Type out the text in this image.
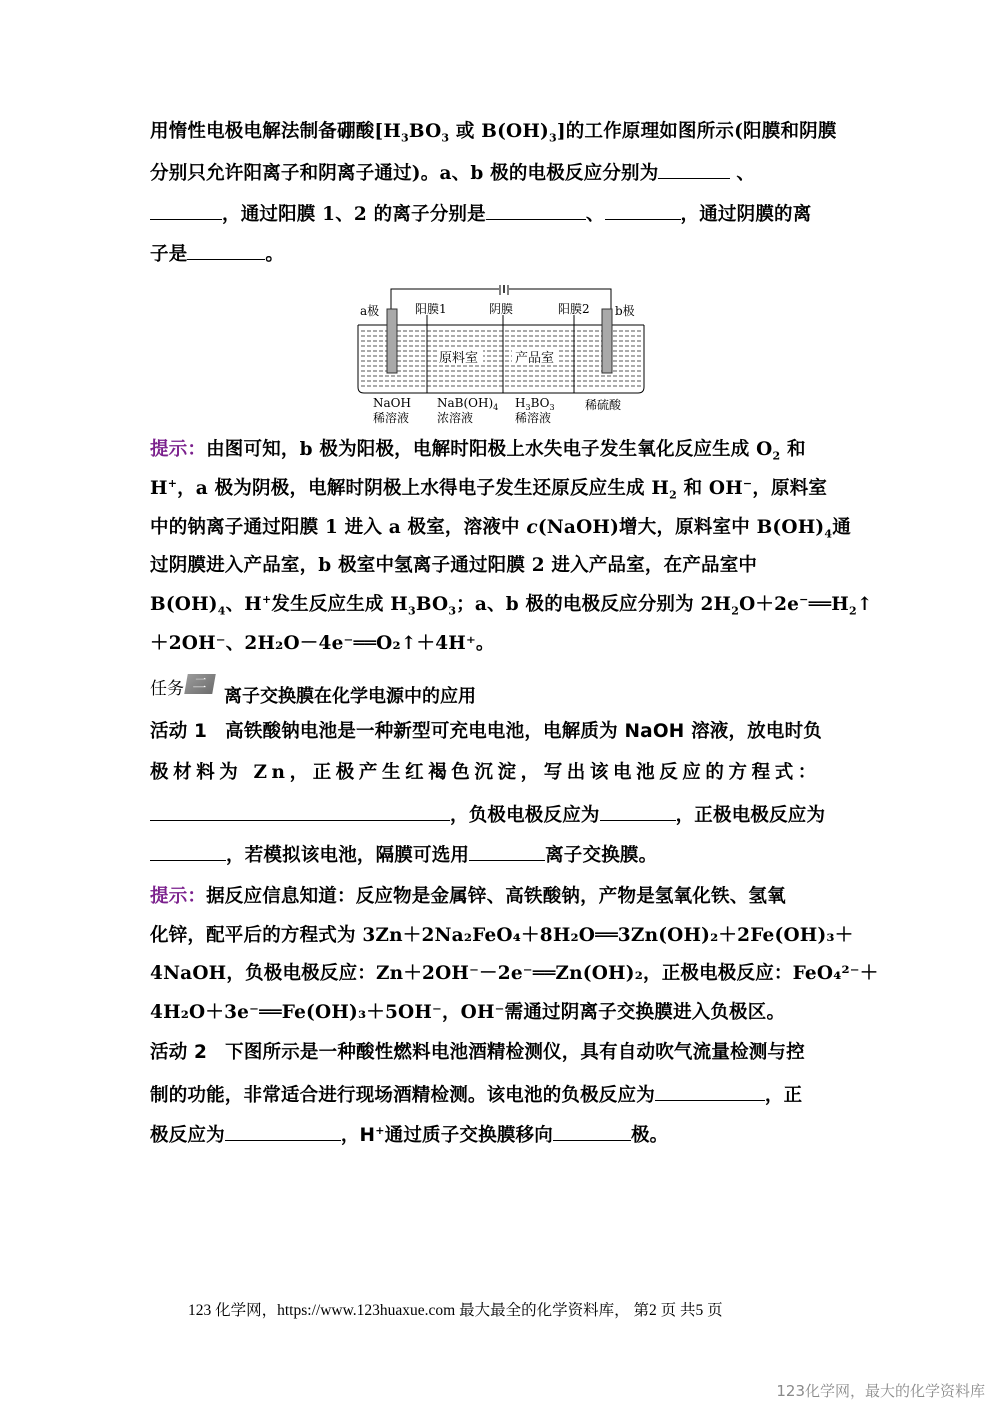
用惰性电极电解法制备硼酸[$H_3BO_3$ 或 $B(OH)_3$]的工作原理如图所示(阳膜和阴膜
分别只允许阳离子和阴离子通过)。a、b 极的电极反应分别为	、
，通过阳膜 1、2 的离子分别是	、	，通过阴膜的离
子是	。
a极	b极
阳膜1	阴膜	阳膜2
原料室	产品室
NaOH
稀溶液
$NaB(OH)_4$
浓溶液
$H_3BO_3$
稀溶液
稀硫酸
提示：由图可知，b 极为阳极，电解时阳极上水失电子发生氧化反应生成 $O_2$ 和
H+，a 极为阴极，电解时阴极上水得电子发生还原反应生成 $H_2$ 和 OH−，原料室
中的钠离子通过阳膜 1 进入 a 极室，溶液中 c(NaOH)增大，原料室中 $B(OH)_4$通
过阴膜进入产品室，b 极室中氢离子通过阳膜 2 进入产品室，在产品室中
$B(OH)_4$、H+发生反应生成 $H_3BO_3$；a、b 极的电极反应分别为 $2H_2O+2e^-══H_2↑$
＋2OH⁻、2H₂O－4e⁻══O₂↑＋4H⁺。
任务 二离子交换膜在化学电源中的应用
活动 1 高铁酸钠电池是一种新型可充电电池，电解质为 NaOH 溶液，放电时负
极材料为 Zn，正极产生红褐色沉淀，写出该电池反应的方程式：
，负极电极反应为	，正极电极反应为
，若模拟该电池，隔膜可选用	离子交换膜。
提示：据反应信息知道：反应物是金属锌、高铁酸钠，产物是氢氧化铁、氢氧
化锌，配平后的方程式为 3Zn＋2Na₂FeO₄＋8H₂O══3Zn(OH)₂＋2Fe(OH)₃＋
4NaOH，负极电极反应：Zn＋2OH⁻－2e⁻══Zn(OH)₂，正极电极反应：FeO₄²⁻＋
4H₂O＋3e⁻══Fe(OH)₃＋5OH⁻，OH⁻需通过阴离子交换膜进入负极区。
活动 2 下图所示是一种酸性燃料电池酒精检测仪，具有自动吹气流量检测与控
制的功能，非常适合进行现场酒精检测。该电池的负极反应为	，正
极反应为	，H+通过质子交换膜移向	极。
123 化学网，https://www.123huaxue.com 最大最全的化学资料库， 第2 页 共5 页
123化学网，最大的化学资料库
